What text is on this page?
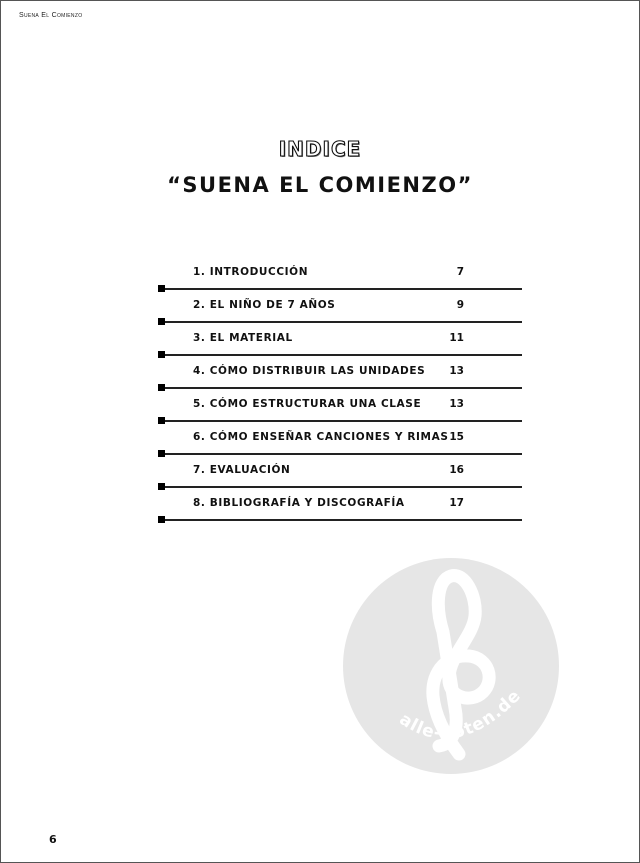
Suena El Comienzo
INDICE
“SUENA EL COMIENZO”
1. INTRODUCCIÓN	7
2. EL NIÑO DE 7 AÑOS	9
3. EL MATERIAL	11
4. CÓMO DISTRIBUIR LAS UNIDADES 13
5. CÓMO ESTRUCTURAR UNA CLASE	13
6. CÓMO ENSEÑAR CANCIONES Y RIMAS 15
7. EVALUACIÓN	16
8. BIBLIOGRAFÍA Y DISCOGRAFÍA	17
alle-noten.de
6
